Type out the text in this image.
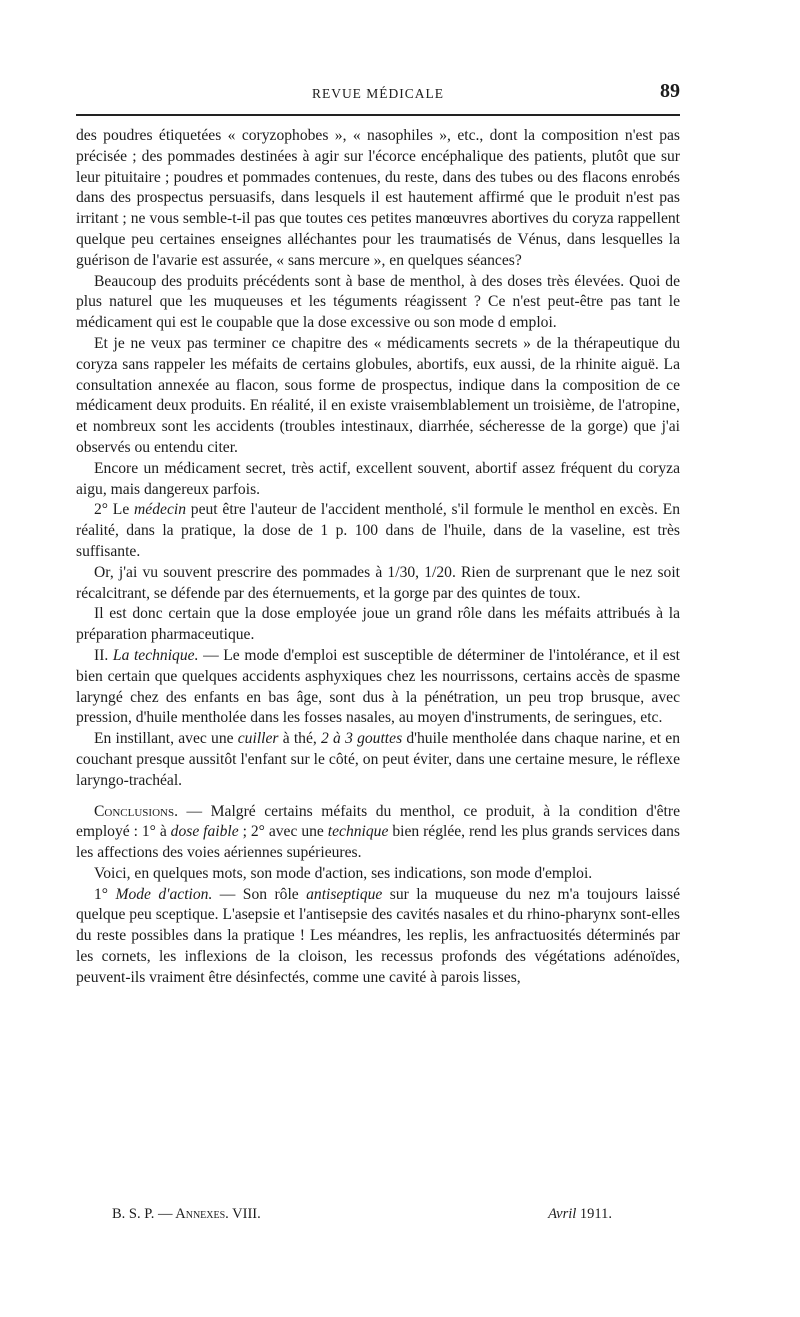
REVUE MÉDICALE	89

des poudres étiquetées « coryzophobes », « nasophiles », etc., dont la composition n'est pas précisée ; des pommades destinées à agir sur l'écorce encéphalique des patients, plutôt que sur leur pituitaire ; poudres et pommades contenues, du reste, dans des tubes ou des flacons enrobés dans des prospectus persuasifs, dans lesquels il est hautement affirmé que le produit n'est pas irritant ; ne vous semble-t-il pas que toutes ces petites manœuvres abortives du coryza rappellent quelque peu certaines enseignes alléchantes pour les traumatisés de Vénus, dans lesquelles la guérison de l'avarie est assurée, « sans mercure », en quelques séances?

Beaucoup des produits précédents sont à base de menthol, à des doses très élevées. Quoi de plus naturel que les muqueuses et les téguments réagissent ? Ce n'est peut-être pas tant le médicament qui est le coupable que la dose excessive ou son mode d emploi.

Et je ne veux pas terminer ce chapitre des « médicaments secrets » de la thérapeutique du coryza sans rappeler les méfaits de certains globules, abortifs, eux aussi, de la rhinite aiguë. La consultation annexée au flacon, sous forme de prospectus, indique dans la composition de ce médicament deux produits. En réalité, il en existe vraisemblablement un troisième, de l'atropine, et nombreux sont les accidents (troubles intestinaux, diarrhée, sécheresse de la gorge) que j'ai observés ou entendu citer.

Encore un médicament secret, très actif, excellent souvent, abortif assez fréquent du coryza aigu, mais dangereux parfois.

2° Le médecin peut être l'auteur de l'accident mentholé, s'il formule le menthol en excès. En réalité, dans la pratique, la dose de 1 p. 100 dans de l'huile, dans de la vaseline, est très suffisante.

Or, j'ai vu souvent prescrire des pommades à 1/30, 1/20. Rien de surprenant que le nez soit récalcitrant, se défende par des éternuements, et la gorge par des quintes de toux.

Il est donc certain que la dose employée joue un grand rôle dans les méfaits attribués à la préparation pharmaceutique.

II. La technique. — Le mode d'emploi est susceptible de déterminer de l'intolérance, et il est bien certain que quelques accidents asphyxiques chez les nourrissons, certains accès de spasme laryngé chez des enfants en bas âge, sont dus à la pénétration, un peu trop brusque, avec pression, d'huile mentholée dans les fosses nasales, au moyen d'instruments, de seringues, etc.

En instillant, avec une cuiller à thé, 2 à 3 gouttes d'huile mentholée dans chaque narine, et en couchant presque aussitôt l'enfant sur le côté, on peut éviter, dans une certaine mesure, le réflexe laryngo-trachéal.

Conclusions. — Malgré certains méfaits du menthol, ce produit, à la condition d'être employé : 1° à dose faible ; 2° avec une technique bien réglée, rend les plus grands services dans les affections des voies aériennes supérieures.

Voici, en quelques mots, son mode d'action, ses indications, son mode d'emploi.

1° Mode d'action. — Son rôle antiseptique sur la muqueuse du nez m'a toujours laissé quelque peu sceptique. L'asepsie et l'antisepsie des cavités nasales et du rhino-pharynx sont-elles du reste possibles dans la pratique ! Les méandres, les replis, les anfractuosités déterminés par les cornets, les inflexions de la cloison, les recessus profonds des végétations adénoïdes, peuvent-ils vraiment être désinfectés, comme une cavité à parois lisses,

B. S. P. — Annexes. VIII.	Avril 1911.
